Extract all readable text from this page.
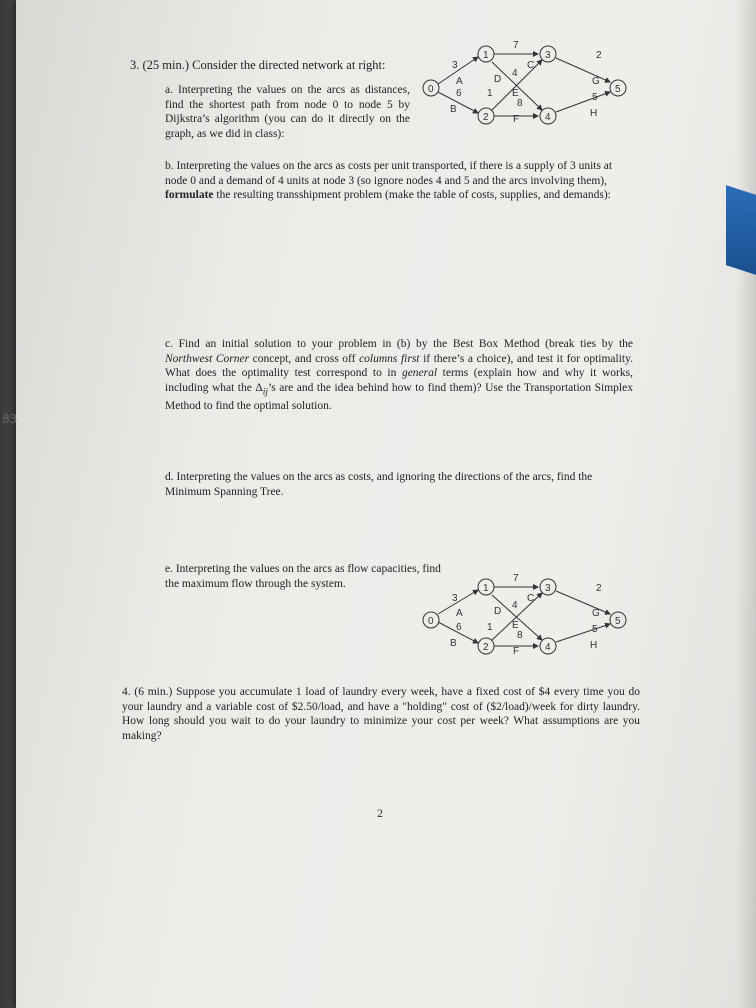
83
3. (25 min.) Consider the directed network at right:
0
1
2
3
4
5
3
A
6
B
7
C
D
1
4
E
8
F
2
G
5
H
a. Interpreting the values on the arcs as distances, find the shortest path from node 0 to node 5 by Dijkstra’s algorithm (you can do it directly on the graph, as we did in class):
b. Interpreting the values on the arcs as costs per unit transported, if there is a supply of 3 units at node 0 and a demand of 4 units at node 3 (so ignore nodes 4 and 5 and the arcs involving them), formulate the resulting transshipment problem (make the table of costs, supplies, and demands):
c. Find an initial solution to your problem in (b) by the Best Box Method (break ties by the Northwest Corner concept, and cross off columns first if there’s a choice), and test it for optimality. What does the optimality test correspond to in general terms (explain how and why it works, including what the $\Delta_{ij}’s$ are and the idea behind how to find them)? Use the Transportation Simplex Method to find the optimal solution.
d. Interpreting the values on the arcs as costs, and ignoring the directions of the arcs, find the Minimum Spanning Tree.
e. Interpreting the values on the arcs as flow capacities, find the maximum flow through the system.
0
1
2
3
4
5
3
A
6
B
7
C
D
1
4
E
8
F
2
G
5
H
4. (6 min.) Suppose you accumulate 1 load of laundry every week, have a fixed cost of $4 every time you do your laundry and a variable cost of $2.50/load, and have a "holding" cost of ($2/load)/week for dirty laundry. How long should you wait to do your laundry to minimize your cost per week? What assumptions are you making?
2
